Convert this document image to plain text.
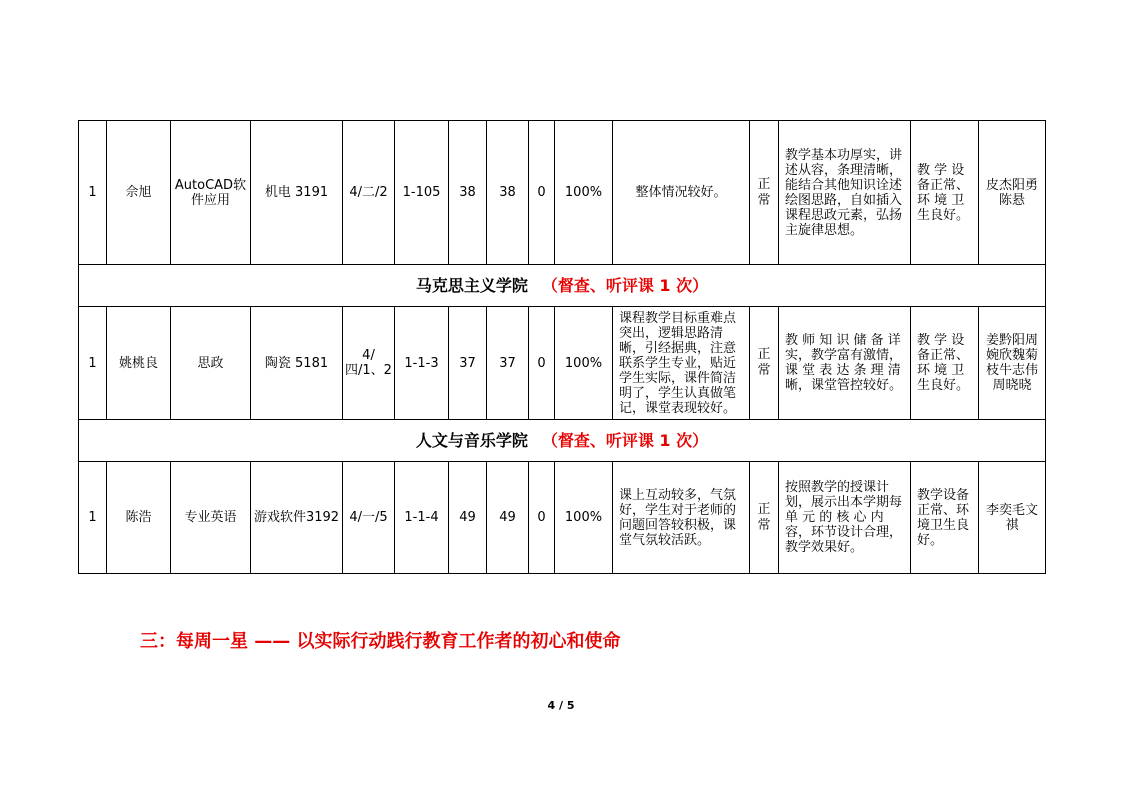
1	佘旭	AutoCAD软件应用	机电 3191	4/二/2	1-105	38	38	0	100%	整体情况较好。	正常	教学基本功厚实，讲述从容，条理清晰，能结合其他知识诠述绘图思路，自如插入课程思政元素，弘扬主旋律思想。	教 学 设备正常、环 境 卫生良好。	皮杰阳勇陈悬
马克思主义学院 （督查、听评课 1 次）														
1	姚桃良	思政	陶瓷 5181	4/四/1、2	1-1-3	37	37	0	100%	课程教学目标重难点突出，逻辑思路清晰，引经据典，注意联系学生专业，贴近学生实际，课件简洁明了，学生认真做笔记，课堂表现较好。	正常	教 师 知 识 储 备 详实，教学富有激情，课 堂 表 达 条 理 清晰，课堂管控较好。	教 学 设备正常、环 境 卫生良好。	姜黔阳周婉欣魏菊枝牛志伟周晓晓
人文与音乐学院 （督查、听评课 1 次）														
1	陈浩	专业英语	游戏软件3192	4/一/5	1-1-4	49	49	0	100%	课上互动较多，气氛好，学生对于老师的问题回答较积极，课堂气氛较活跃。	正常	按照教学的授课计划，展示出本学期每 单 元 的 核 心 内容，环节设计合理，教学效果好。	教学设备正常、环境卫生良好。	李奕毛文祺
三：每周一星 —— 以实际行动践行教育工作者的初心和使命
4 / 5
